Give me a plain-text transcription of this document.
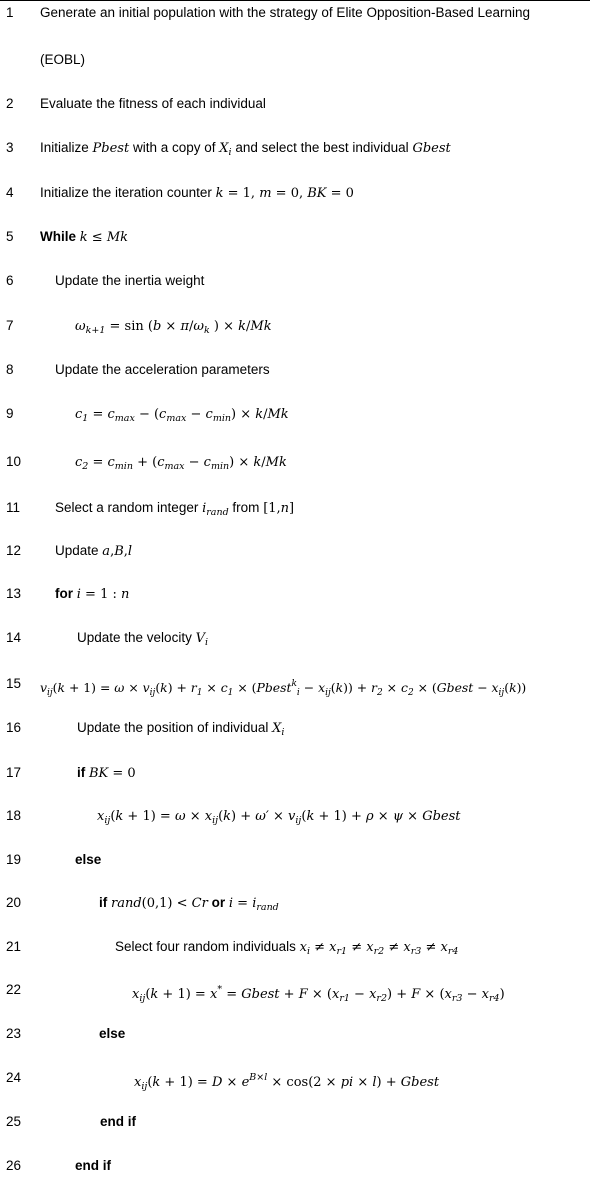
1	Generate an initial population with the strategy of Elite Opposition-Based Learning
(EOBL)
2	Evaluate the fitness of each individual
3	Initialize Pbest with a copy of $X_i$ and select the best individual Gbest
4	Initialize the iteration counter k = 1, m = 0, BK = 0
5	While k ≤ Mk
6	Update the inertia weight
7	$\omega_{k+1} = \sin (b \times \pi/\omega_k$ ) × k/Mk
8	Update the acceleration parameters
9	$c_1 = c_{max} - (c_{max} - c_{min}) \times k/Mk$
10	$c_2 = c_{min} + (c_{max} - c_{min}) \times k/Mk$
11	Select a random integer $i_{rand}$ from [1,n]
12	Update a,B,l
13	for i = 1 : n
14	Update the velocity $V_i$
15	$v_{ij}(k + 1) = \omega \times v_{ij}(k) + r_1 \times c_1$ × (Pbest$^k_i$ − $x_{ij}(k)) + r_2 \times c_2$ × (Gbest − $x_{ij}(k)$)
16	Update the position of individual $X_i$
17	if BK = 0
18	$x_{ij}(k + 1) = \omega \times x_{ij}(k) + \omega' \times v_{ij}(k + 1) + \rho \times \psi$ × Gbest
19	else
20	if rand(0,1) < Cr or $i = i_{rand}$
21	Select four random individuals $x_i \ne x_{r1} \ne x_{r2} \ne x_{r3} \ne x_{r4}$
22	$x_{ij}(k + 1) = x^*$ = Gbest + $F \times (x_{r1} - x_{r2}) + F \times (x_{r3} - x_{r4})$
23	else
24	$x_{ij}(k + 1) = D \times e^{B\times l} \times \cos(2$ × pi × l) + Gbest
25	end if
26	end if
